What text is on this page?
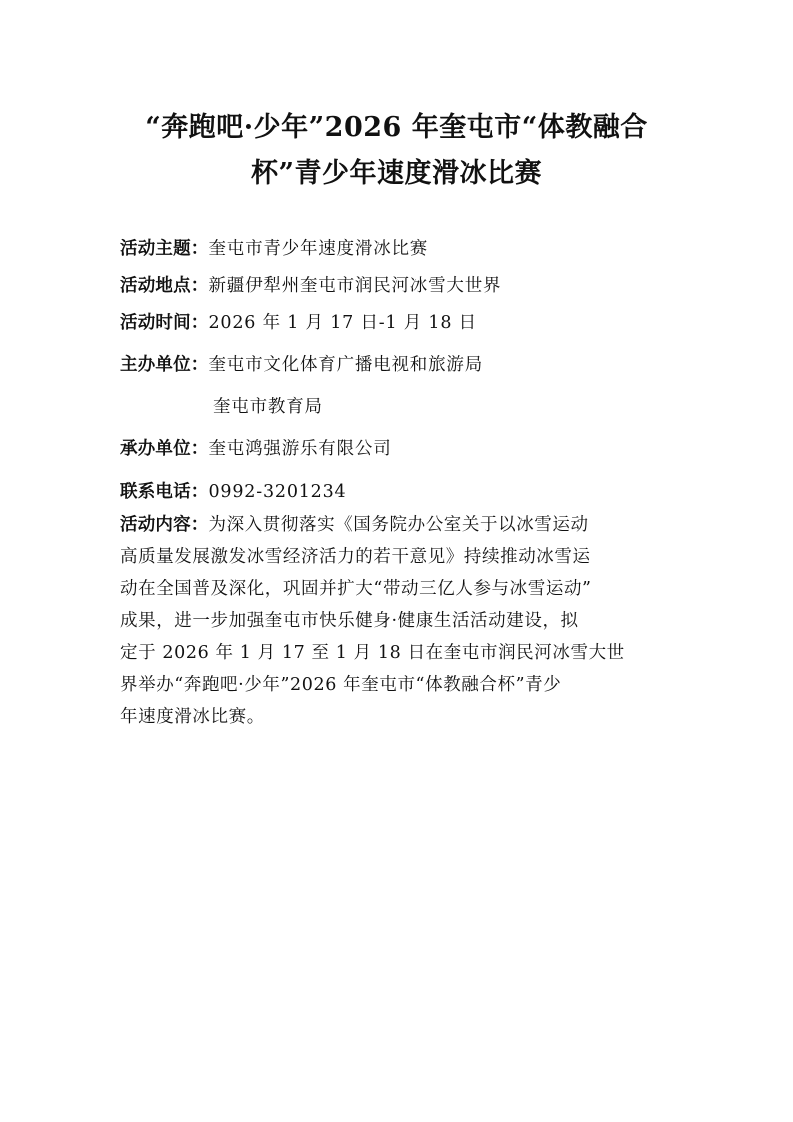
“奔跑吧·少年”2026 年奎屯市“体教融合
杯”青少年速度滑冰比赛
活动主题：奎屯市青少年速度滑冰比赛
活动地点：新疆伊犁州奎屯市润民河冰雪大世界
活动时间：2026 年 1 月 17 日-1 月 18 日
主办单位：奎屯市文化体育广播电视和旅游局
奎屯市教育局
承办单位：奎屯鸿强游乐有限公司
联系电话：0992-3201234
活动内容：为深入贯彻落实《国务院办公室关于以冰雪运动
高质量发展激发冰雪经济活力的若干意见》持续推动冰雪运
动在全国普及深化，巩固并扩大“带动三亿人参与冰雪运动”
成果，进一步加强奎屯市快乐健身·健康生活活动建设，拟
定于 2026 年 1 月 17 至 1 月 18 日在奎屯市润民河冰雪大世
界举办“奔跑吧·少年”2026 年奎屯市“体教融合杯”青少
年速度滑冰比赛。
